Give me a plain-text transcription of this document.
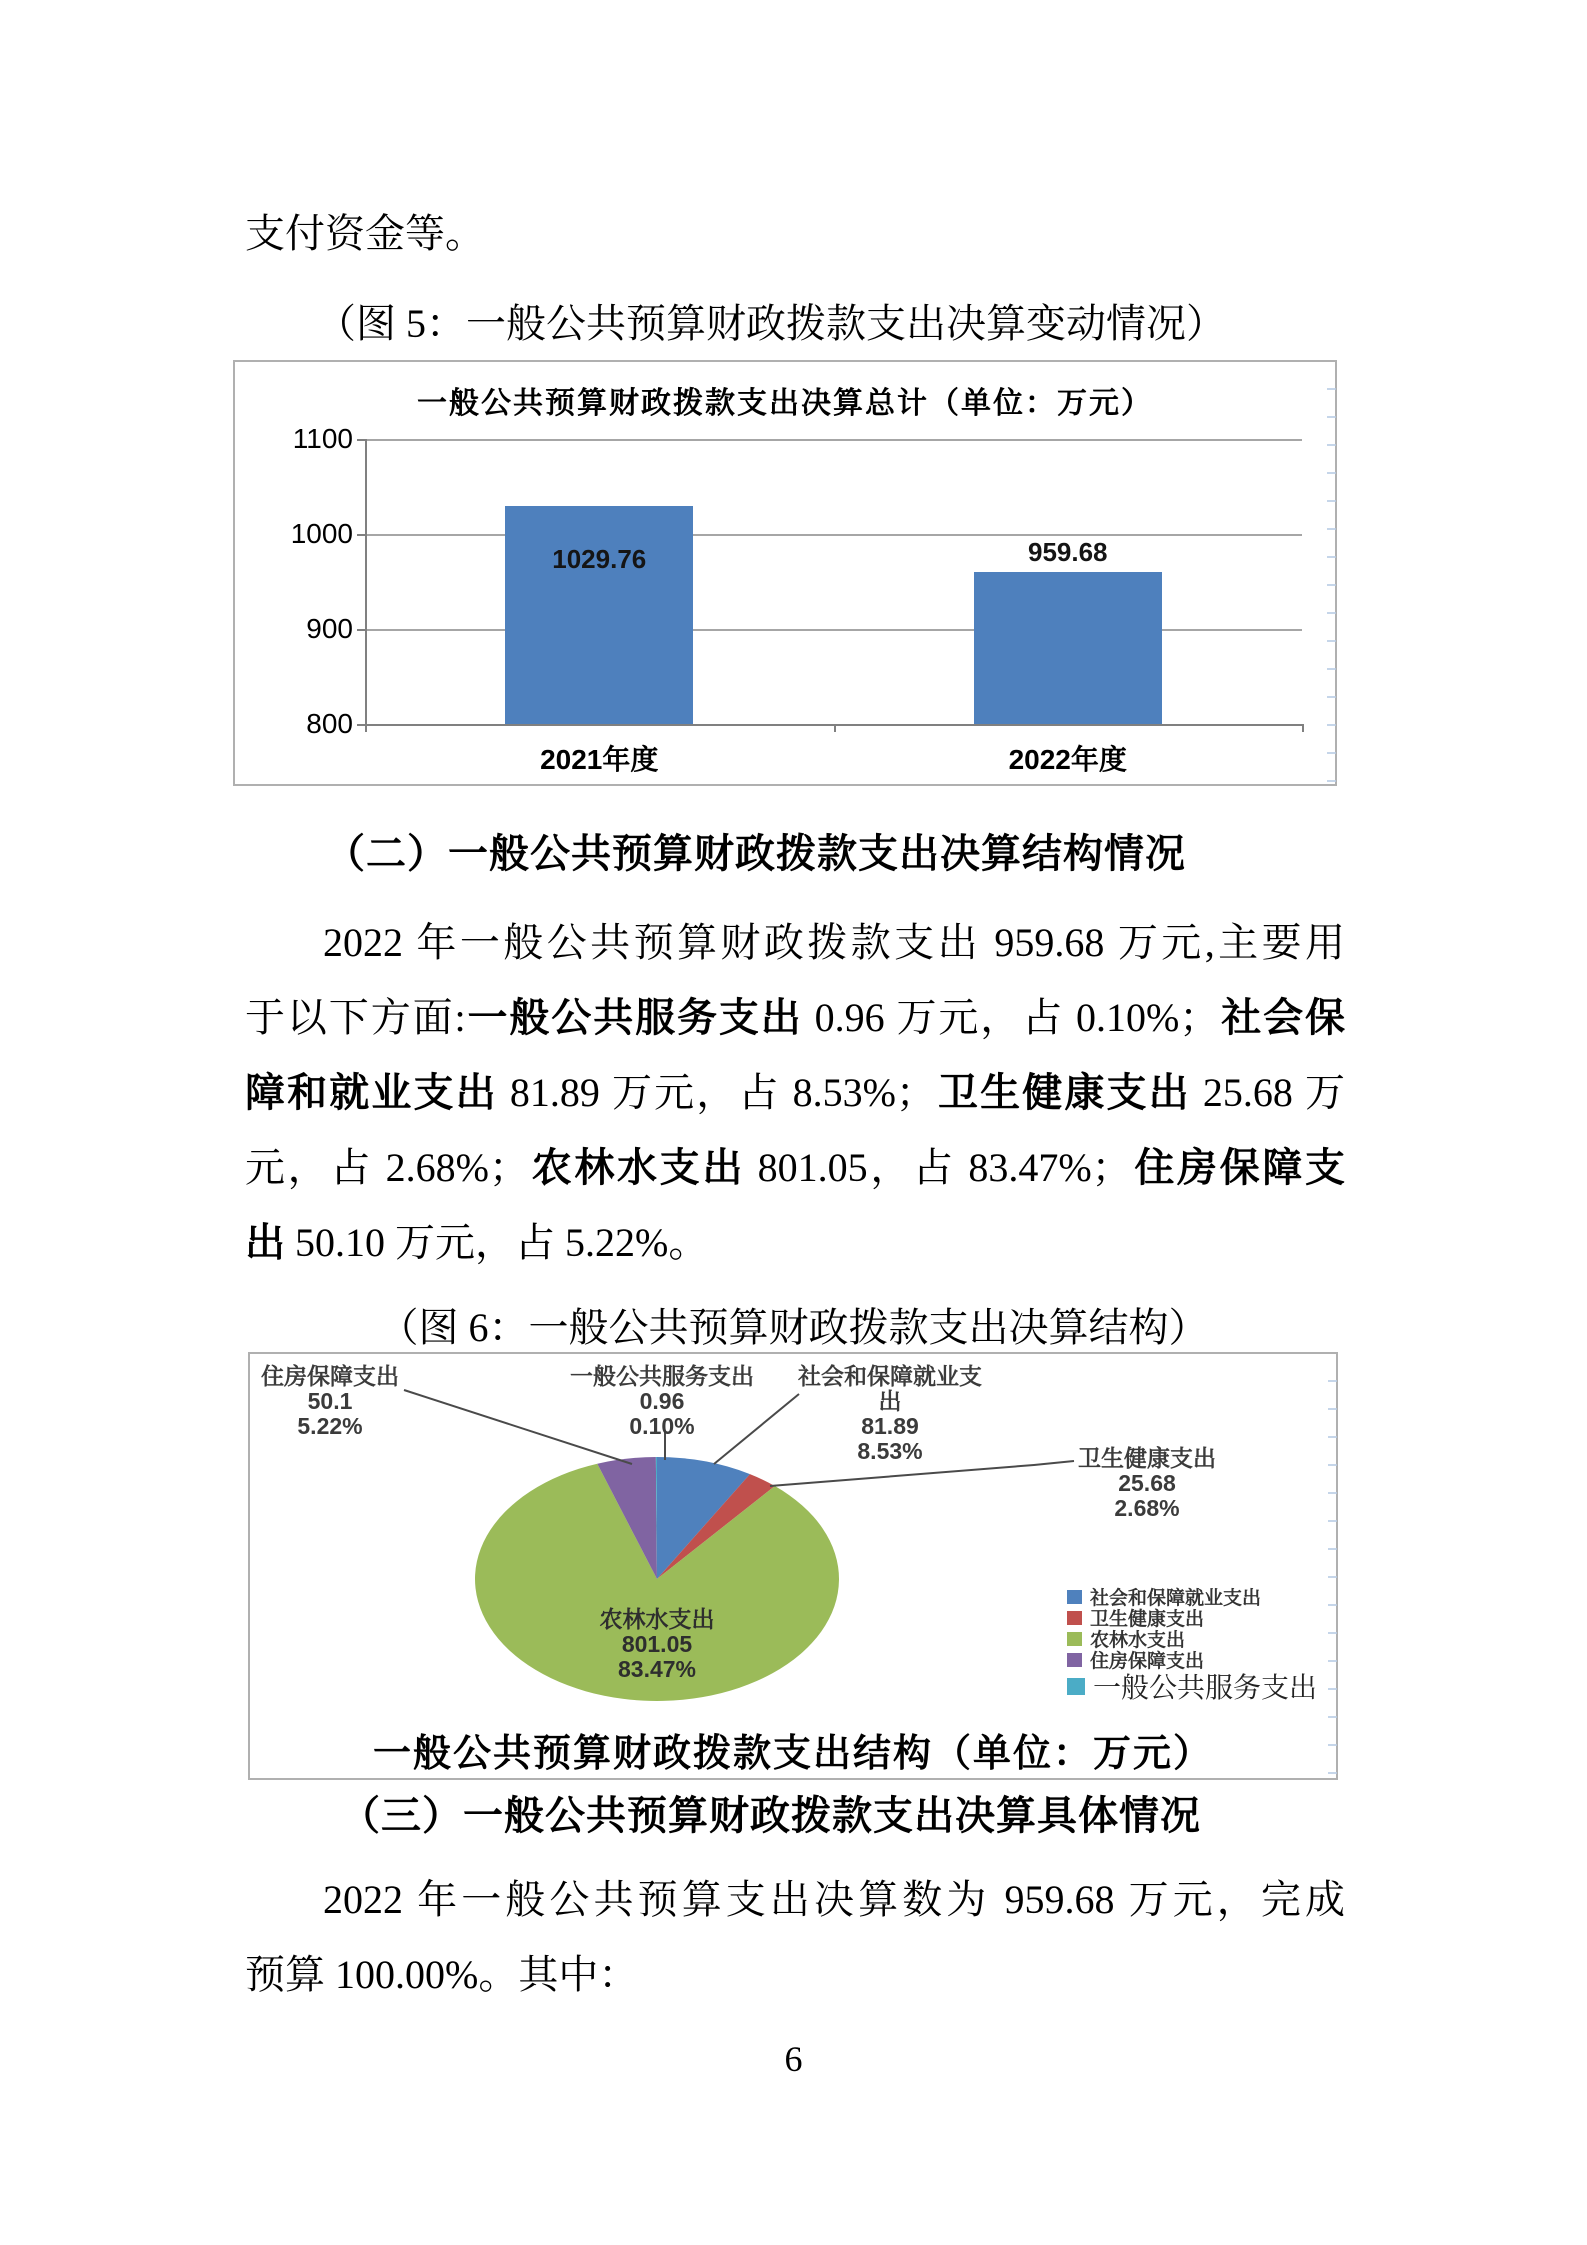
支付资金等。
（图 5：一般公共预算财政拨款支出决算变动情况）
一般公共预算财政拨款支出决算总计（单位：万元）
1100
1000
900
800
1029.76
2021年度
959.68
2022年度
（二）一般公共预算财政拨款支出决算结构情况
2022 年一般公共预算财政拨款支出 959.68 万元,主要用
于以下方面:一般公共服务支出 0.96 万元，占 0.10%；社会保
障和就业支出 81.89 万元，占 8.53%；卫生健康支出 25.68 万
元，占 2.68%；农林水支出 801.05，占 83.47%；住房保障支
出 50.10 万元，占 5.22%。
（图 6：一般公共预算财政拨款支出决算结构）
住房保障支出
50.1
5.22%
一般公共服务支出
0.96
0.10%
社会和保障就业支
出
81.89
8.53%	卫生健康支出
25.68
2.68%
农林水支出
801.05
83.47%
社会和保障就业支出
卫生健康支出
农林水支出
住房保障支出
一般公共服务支出
一般公共预算财政拨款支出结构（单位：万元）
（三）一般公共预算财政拨款支出决算具体情况
2022 年一般公共预算支出决算数为 959.68 万元，完成
预算 100.00%。其中：
6
